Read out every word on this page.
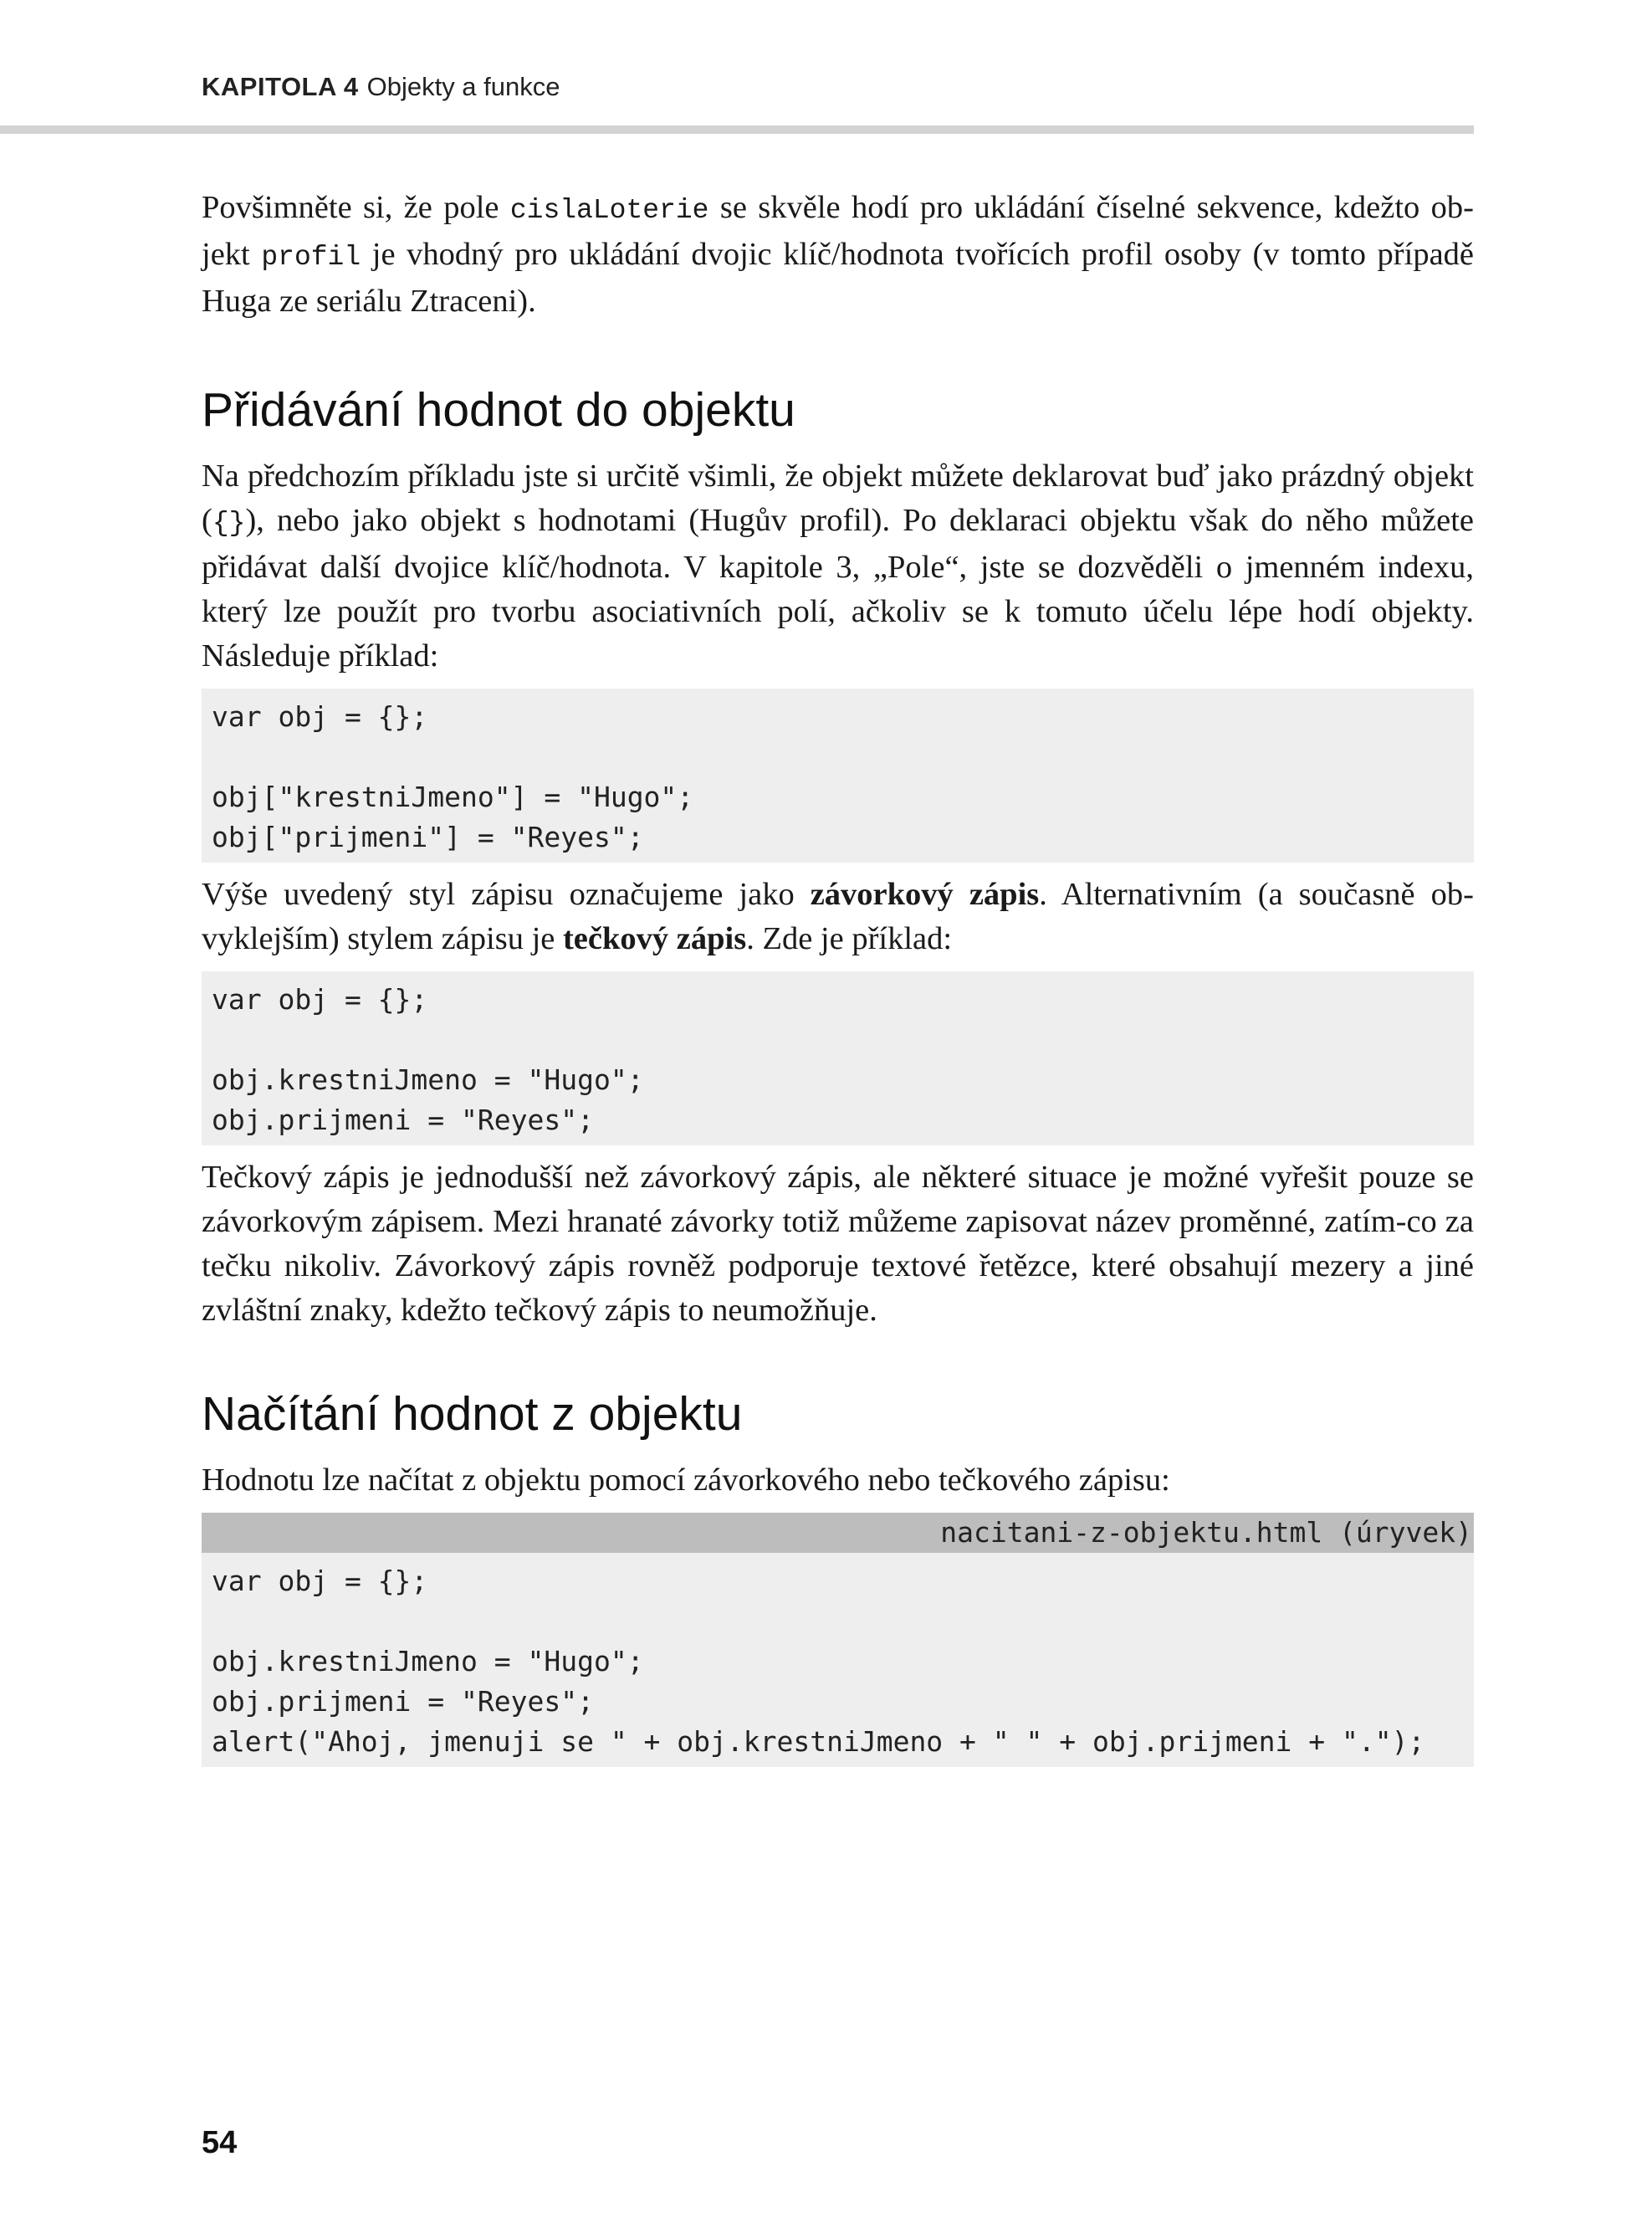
KAPITOLA 4 Objekty a funkce

Povšimněte si, že pole cislaLoterie se skvěle hodí pro ukládání číselné sekvence, kdežto ob-jekt profil je vhodný pro ukládání dvojic klíč/hodnota tvořících profil osoby (v tomto případě Huga ze seriálu Ztraceni).

Přidávání hodnot do objektu

Na předchozím příkladu jste si určitě všimli, že objekt můžete deklarovat buď jako prázdný objekt ({}), nebo jako objekt s hodnotami (Hugův profil). Po deklaraci objektu však do něho můžete přidávat další dvojice klíč/hodnota. V kapitole 3, „Pole“, jste se dozvěděli o jmenném indexu, který lze použít pro tvorbu asociativních polí, ačkoliv se k tomuto účelu lépe hodí objekty. Následuje příklad:

var obj = {};

obj["krestniJmeno"] = "Hugo";
obj["prijmeni"] = "Reyes";

Výše uvedený styl zápisu označujeme jako závorkový zápis. Alternativním (a současně ob-vyklejším) stylem zápisu je tečkový zápis. Zde je příklad:

var obj = {};

obj.krestniJmeno = "Hugo";
obj.prijmeni = "Reyes";

Tečkový zápis je jednodušší než závorkový zápis, ale některé situace je možné vyřešit pouze se závorkovým zápisem. Mezi hranaté závorky totiž můžeme zapisovat název proměnné, zatím-co za tečku nikoliv. Závorkový zápis rovněž podporuje textové řetězce, které obsahují mezery a jiné zvláštní znaky, kdežto tečkový zápis to neumožňuje.

Načítání hodnot z objektu

Hodnotu lze načítat z objektu pomocí závorkového nebo tečkového zápisu:

nacitani-z-objektu.html (úryvek)
var obj = {};

obj.krestniJmeno = "Hugo";
obj.prijmeni = "Reyes";
alert("Ahoj, jmenuji se " + obj.krestniJmeno + " " + obj.prijmeni + ".");
54
